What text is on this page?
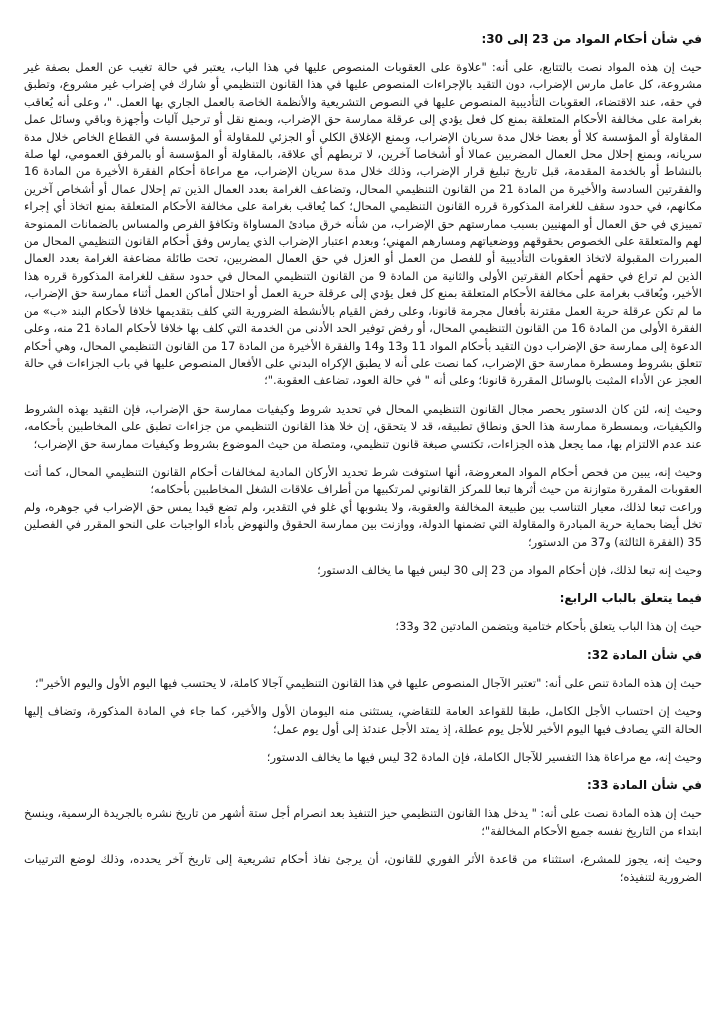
في شأن أحكام المواد من 23 إلى 30:

حيث إن هذه المواد نصت بالتتابع، على أنه: "علاوة على العقوبات المنصوص عليها في هذا الباب، يعتبر في حالة تغيب عن العمل بصفة غير مشروعة، كل عامل مارس الإضراب، دون التقيد بالإجراءات المنصوص عليها في هذا القانون التنظيمي أو شارك في إضراب غير مشروع، وتطبق في حقه، عند الاقتضاء، العقوبات التأديبية المنصوص عليها في النصوص التشريعية والأنظمة الخاصة بالعمل الجاري بها العمل. "، وعلى أنه يُعاقب بغرامة على مخالفة الأحكام المتعلقة بمنع كل فعل يؤدي إلى عرقلة ممارسة حق الإضراب، وبمنع نقل أو ترحيل آليات وأجهزة وباقي وسائل عمل المقاولة أو المؤسسة كلا أو بعضا خلال مدة سريان الإضراب، وبمنع الإغلاق الكلي أو الجزئي للمقاولة أو المؤسسة في القطاع الخاص خلال مدة سريانه، وبمنع إحلال محل العمال المضربين عمالا أو أشخاصا آخرين، لا تربطهم أي علاقة، بالمقاولة أو المؤسسة أو بالمرفق العمومي، لها صلة بالنشاط أو بالخدمة المقدمة، قبل تاريخ تبليغ قرار الإضراب، وذلك خلال مدة سريان الإضراب، مع مراعاة أحكام الفقرة الأخيرة من المادة 16 والفقرتين السادسة والأخيرة من المادة 21 من القانون التنظيمي المحال، وتضاعف الغرامة بعدد العمال الذين تم إحلال عمال أو أشخاص آخرين مكانهم، في حدود سقف للغرامة المذكورة قرره القانون التنظيمي المحال؛ كما يُعاقب بغرامة على مخالفة الأحكام المتعلقة بمنع اتخاذ أي إجراء تمييزي في حق العمال أو المهنيين بسبب ممارستهم حق الإضراب، من شأنه خرق مبادئ المساواة وتكافؤ الفرص والمساس بالضمانات الممنوحة لهم والمتعلقة على الخصوص بحقوقهم ووضعياتهم ومسارهم المهني؛ وبعدم اعتبار الإضراب الذي يمارس وفق أحكام القانون التنظيمي المحال من المبررات المقبولة لاتخاذ العقوبات التأديبية أو للفصل من العمل أو العزل في حق العمال المضربين، تحت طائلة مضاعفة الغرامة بعدد العمال الذين لم تراع في حقهم أحكام الفقرتين الأولى والثانية من المادة 9 من القانون التنظيمي المحال في حدود سقف للغرامة المذكورة قرره هذا الأخير، ويُعاقب بغرامة على مخالفة الأحكام المتعلقة بمنع كل فعل يؤدي إلى عرقلة حرية العمل أو احتلال أماكن العمل أثناء ممارسة حق الإضراب، ما لم تكن عرقلة حرية العمل مقترنة بأفعال مجرمة قانونا، وعلى رفض القيام بالأنشطة الضرورية التي كلف بتقديمها خلافا لأحكام البند «ب» من الفقرة الأولى من المادة 16 من القانون التنظيمي المحال، أو رفض توفير الحد الأدنى من الخدمة التي كلف بها خلافا لأحكام المادة 21 منه، وعلى الدعوة إلى ممارسة حق الإضراب دون التقيد بأحكام المواد 11 و13 و14 والفقرة الأخيرة من المادة 17 من القانون التنظيمي المحال، وهي أحكام تتعلق بشروط ومسطرة ممارسة حق الإضراب، كما نصت على أنه لا يطبق الإكراه البدني على الأفعال المنصوص عليها في باب الجزاءات في حالة العجز عن الأداء المثبت بالوسائل المقررة قانونا؛ وعلى أنه " في حالة العود، تضاعف العقوبة."؛

وحيث إنه، لئن كان الدستور يحصر مجال القانون التنظيمي المحال في تحديد شروط وكيفيات ممارسة حق الإضراب، فإن التقيد بهذه الشروط والكيفيات، وبمسطرة ممارسة هذا الحق ونطاق تطبيقه، قد لا يتحقق، إن خلا هذا القانون التنظيمي من جزاءات تطبق على المخاطبين بأحكامه، عند عدم الالتزام بها، مما يجعل هذه الجزاءات، تكتسي صبغة قانون تنظيمي، ومتصلة من حيث الموضوع بشروط وكيفيات ممارسة حق الإضراب؛

وحيث إنه، يبين من فحص أحكام المواد المعروضة، أنها استوفت شرط تحديد الأركان المادية لمخالفات أحكام القانون التنظيمي المحال، كما أتت العقوبات المقررة متوازنة من حيث أثرها تبعا للمركز القانوني لمرتكبيها من أطراف علاقات الشغل المخاطبين بأحكامه؛

وراعت تبعا لذلك، معيار التناسب بين طبيعة المخالفة والعقوبة، ولا يشوبها أي غلو في التقدير، ولم تضع قيدا يمس حق الإضراب في جوهره، ولم تخل أيضا بحماية حرية المبادرة والمقاولة التي تضمنها الدولة، ووازنت بين ممارسة الحقوق والنهوض بأداء الواجبات على النحو المقرر في الفصلين 35 (الفقرة الثالثة) و37 من الدستور؛

وحيث إنه تبعا لذلك، فإن أحكام المواد من 23 إلى 30 ليس فيها ما يخالف الدستور؛

فيما يتعلق بالباب الرابع:

حيث إن هذا الباب يتعلق بأحكام ختامية ويتضمن المادتين 32 و33؛

في شأن المادة 32:

حيث إن هذه المادة تنص على أنه: "تعتبر الآجال المنصوص عليها في هذا القانون التنظيمي آجالا كاملة، لا يحتسب فيها اليوم الأول واليوم الأخير"؛

وحيث إن احتساب الأجل الكامل، طبقا للقواعد العامة للتقاضي، يستثنى منه اليومان الأول والأخير، كما جاء في المادة المذكورة، وتضاف إليها الحالة التي يصادف فيها اليوم الأخير للأجل يوم عطلة، إذ يمتد الأجل عندئذ إلى أول يوم عمل؛

وحيث إنه، مع مراعاة هذا التفسير للآجال الكاملة، فإن المادة 32 ليس فيها ما يخالف الدستور؛

في شأن المادة 33:

حيث إن هذه المادة نصت على أنه: " يدخل هذا القانون التنظيمي حيز التنفيذ بعد انصرام أجل ستة أشهر من تاريخ نشره بالجريدة الرسمية، وينسخ ابتداء من التاريخ نفسه جميع الأحكام المخالفة"؛

وحيث إنه، يجوز للمشرع، استثناء من قاعدة الأثر الفوري للقانون، أن يرجئ نفاذ أحكام تشريعية إلى تاريخ آخر يحدده، وذلك لوضع الترتيبات الضرورية لتنفيذه؛
